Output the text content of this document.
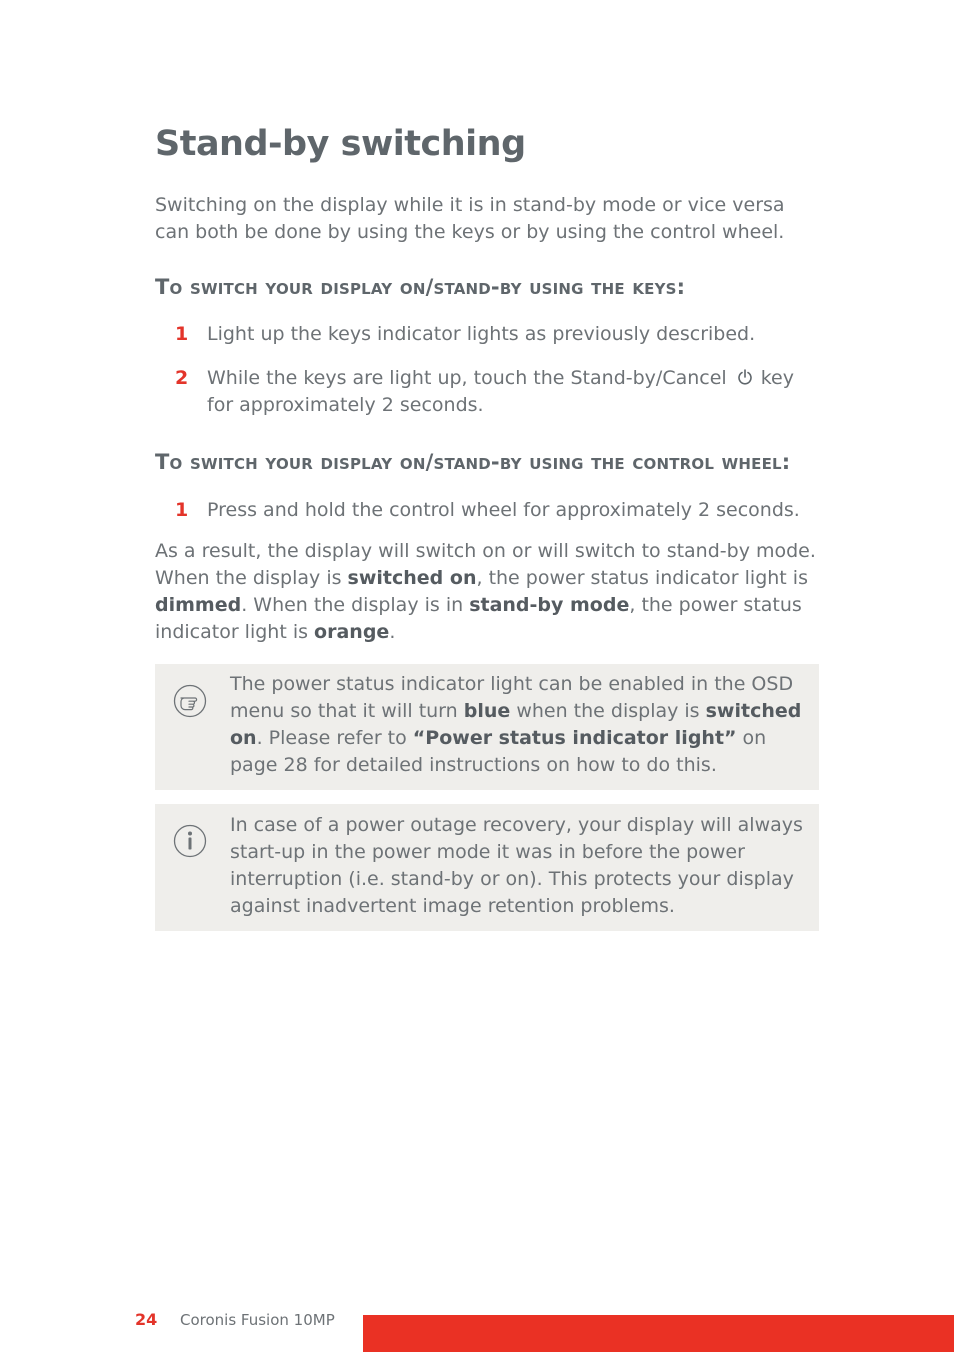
Stand-by switching

Switching on the display while it is in stand-by mode or vice versa can both be done by using the keys or by using the control wheel.

To switch your display on/stand-by using the keys:
1 Light up the keys indicator lights as previously described.
2 While the keys are light up, touch the Stand-by/Cancel key for approximately 2 seconds.
To switch your display on/stand-by using the control wheel:
1 Press and hold the control wheel for approximately 2 seconds.

As a result, the display will switch on or will switch to stand-by mode. When the display is switched on, the power status indicator light is dimmed. When the display is in stand-by mode, the power status indicator light is orange.

The power status indicator light can be enabled in the OSD menu so that it will turn blue when the display is switched on. Please refer to “Power status indicator light” on page 28 for detailed instructions on how to do this.

In case of a power outage recovery, your display will always start-up in the power mode it was in before the power interruption (i.e. stand-by or on). This protects your display against inadvertent image retention problems.

24 Coronis Fusion 10MP
